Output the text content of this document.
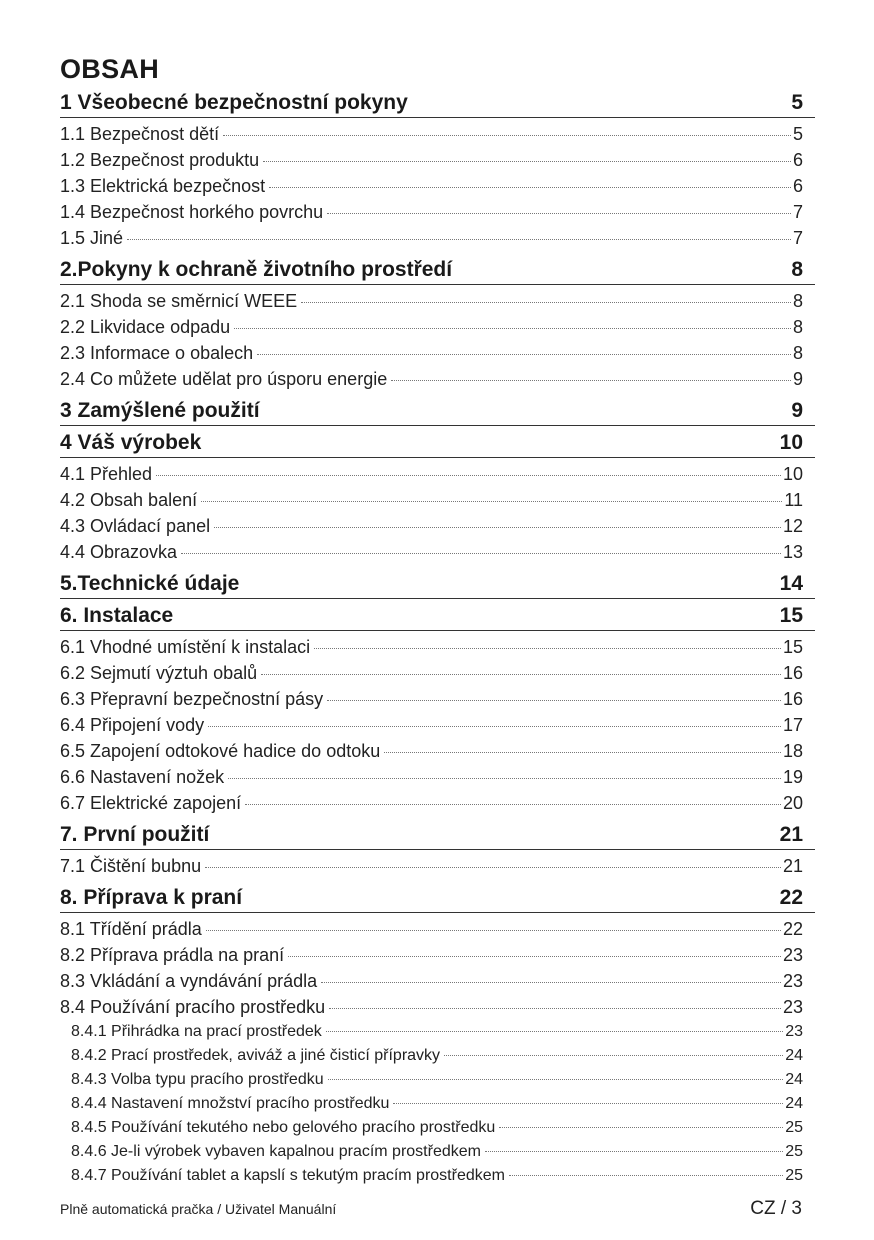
OBSAH
1 Všeobecné bezpečnostní pokyny	5
1.1 Bezpečnost dětí	5
1.2 Bezpečnost produktu	6
1.3 Elektrická bezpečnost	6
1.4 Bezpečnost horkého povrchu	7
1.5 Jiné	7
2.Pokyny k ochraně životního prostředí	8
2.1 Shoda se směrnicí WEEE	8
2.2 Likvidace odpadu	8
2.3 Informace o obalech	8
2.4 Co můžete udělat pro úsporu energie	9
3 Zamýšlené použití	9
4 Váš výrobek	10
4.1 Přehled	10
4.2 Obsah balení	11
4.3 Ovládací panel	12
4.4 Obrazovka	13
5.Technické údaje	14
6. Instalace	15
6.1 Vhodné umístění k instalaci	15
6.2 Sejmutí výztuh obalů	16
6.3 Přepravní bezpečnostní pásy	16
6.4 Připojení vody	17
6.5 Zapojení odtokové hadice do odtoku	18
6.6 Nastavení nožek	19
6.7 Elektrické zapojení	20
7. První použití	21
7.1 Čištění bubnu	21
8. Příprava k praní	22
8.1 Třídění prádla	22
8.2 Příprava prádla na praní	23
8.3 Vkládání a vyndávání prádla	23
8.4 Používání pracího prostředku	23
8.4.1 Přihrádka na prací prostředek	23
8.4.2 Prací prostředek, aviváž a jiné čisticí přípravky	24
8.4.3 Volba typu pracího prostředku	24
8.4.4 Nastavení množství pracího prostředku	24
8.4.5 Používání tekutého nebo gelového pracího prostředku	25
8.4.6 Je-li výrobek vybaven kapalnou pracím prostředkem	25
8.4.7 Používání tablet a kapslí s tekutým pracím prostředkem	25
Plně automatická pračka / Uživatel Manuální	CZ / 3
